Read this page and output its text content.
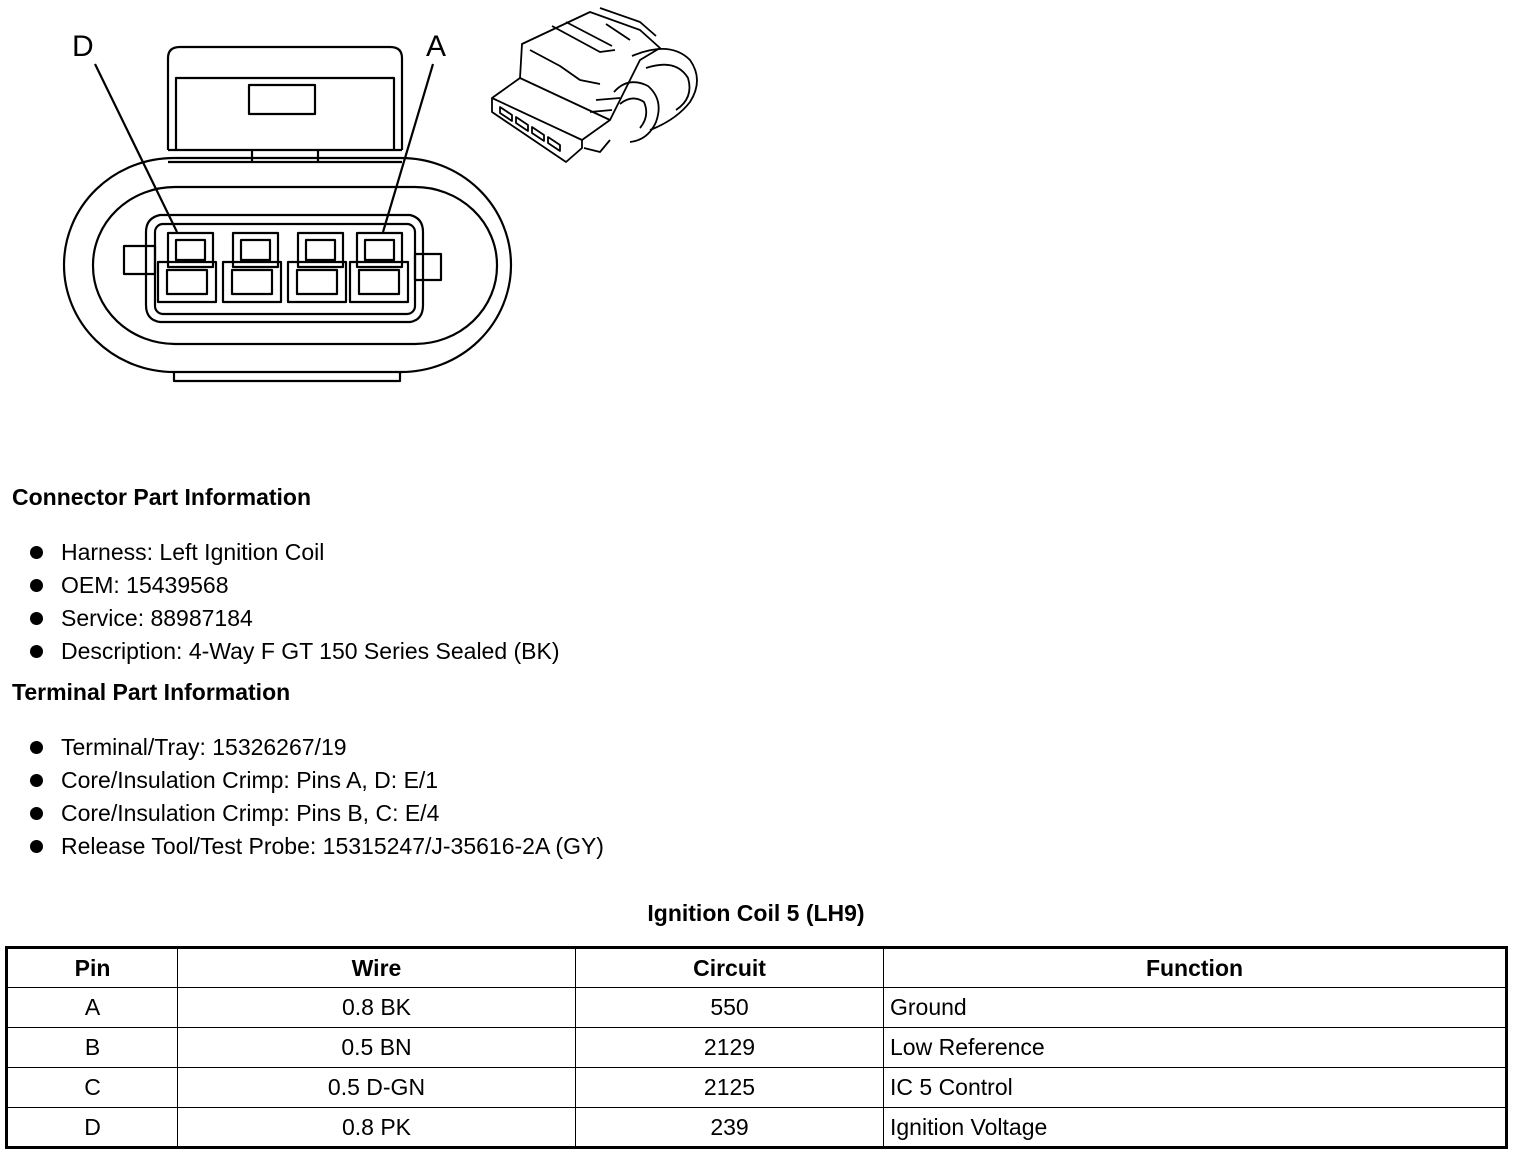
D	A
Connector Part Information
Harness: Left Ignition Coil
OEM: 15439568
Service: 88987184
Description: 4-Way F GT 150 Series Sealed (BK)
Terminal Part Information
Terminal/Tray: 15326267/19
Core/Insulation Crimp: Pins A, D: E/1
Core/Insulation Crimp: Pins B, C: E/4
Release Tool/Test Probe: 15315247/J-35616-2A (GY)
Ignition Coil 5 (LH9)
Pin	Wire	Circuit	Function
A	0.8 BK	550	Ground
B	0.5 BN	2129	Low Reference
C	0.5 D-GN	2125	IC 5 Control
D	0.8 PK	239	Ignition Voltage
